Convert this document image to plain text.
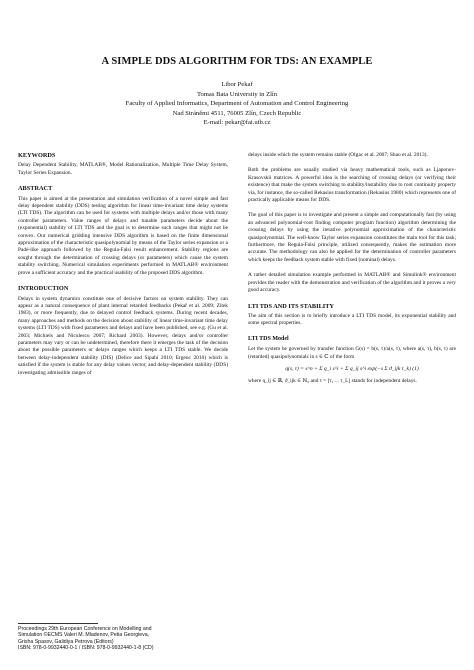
A SIMPLE DDS ALGORITHM FOR TDS: AN EXAMPLE
Libor Pekař
Tomas Bata University in Zlín
Faculty of Applied Informatics, Department of Automation and Control Engineering
Nad Stráněmi 4511, 76005 Zlín, Czech Republic
E-mail: pekar@fai.utb.cz
KEYWORDS
Delay Dependent Stability, MATLAB®, Model Rationalization, Multiple Time Delay System, Taylor Series Expansion.
ABSTRACT
This paper is aimed at the presentation and simulation verification of a novel simple and fast delay dependent stability (DDS) testing algorithm for linear time-invariant time delay systems (LTI TDS). The algorithm can be used for systems with multiple delays and/or those with many controller parameters. Value ranges of delays and tunable parameters decide about the (exponential) stability of LTI TDS and the goal is to determine such ranges that might not be convex. Our numerical gridding intensive DDS algorithm is based on the finite dimensional approximation of the characteristic quasipolynomial by means of the Taylor series expansion or a Padé-like approach followed by the Regula-Falsi result enhancement. Stability regions are sought through the determination of crossing delays (or parameters) which cause the system stability switching. Numerical simulation experiments performed in MATLAB® environment prove a sufficient accuracy and the practical usability of the proposed DDS algorithm.
INTRODUCTION
Delays in system dynamics constitute one of decisive factors on system stability. They can appear as a natural consequence of plant internal retarded feedbacks (Pekař et al. 2009; Zítek 1983), or more frequently, due to delayed control feedback systems. During recent decades, many approaches and methods on the decision about stability of linear time-invariant time delay systems (LTI TDS) with fixed parameters and delays and have been published, see e.g. (Gu et al. 2003; Michiels and Niculescu 2007; Richard 2003). However, delays and/or controller parameters may vary or can be undetermined, therefore there it emerges the task of the decision about the possible parameters or delays ranges which keeps a LTI TDS stable. We decide between delay-independent stability (DIS) (Delice and Sipahi 2010; Ergenc 2010) which is satisfied if the system is stable for any delay values vector, and delay-dependent stability (DDS) investigating admissible ranges of
delays inside which the system remains stable (Olgac et al. 2007; Shao et al. 2013).
Both the problems are usually studied via heavy mathematical tools, such as Ljaponov-Krasovskii matrices. A powerful idea is the searching of crossing delays (or verifying their existence) that make the system switching to stability/instability due to root continuity property via, for instance, the so-called Rekasius transformation (Rekasius 1980) which represents one of practically applicable means for DDS.
The goal of this paper is to investigate and present a simple and computationally fast (by using an advanced polynomial-root finding computer program function) algorithm determining the crossing delays by using the iterative polynomial approximation of the characteristic quasipolynomial. The well-know Taylor series expansion constitutes the main tool for this task; furthermore, the Regula-Falsi principle, utilized consequently, makes the estimation more accurate. The methodology can also be applied for the determination of controller parameters which keeps the feedback system stable with fixed (nominal) delays.
A rather detailed simulation example performed in MATLAB® and Simulink® environment provides the reader with the demonstration and verification of the algorithm and it proves a very good accuracy.
LTI TDS AND ITS STABILITY
The aim of this section is to briefly introduce a LTI TDS model, its exponential stability and some spectral properties.
LTI TDS Model
Let the system be governed by transfer function G(s) = b(s, τ)/a(s, τ), where a(s, τ), b(s, τ) are (retarded) quasipolynomials in s ∈ ℂ of the form
q(s, τ) = s^n + Σ q_i s^i + Σ q_ij s^i exp(−s Σ ϑ_ijk τ_k) (1)
where q_ij ∈ ℝ, ϑ_ijk ∈ ℕ₀ and τ = [τ₁ ... τ_L] stands for independent delays.
Proceedings 29th European Conference on Modelling and
Simulation ©ECMS Valeri M. Mladenov, Petia Georgieva,
Grisha Spasov, Galidiya Petrova (Editors)
ISBN: 978-0-9932440-0-1 / ISBN: 978-0-9932440-1-8 (CD)
